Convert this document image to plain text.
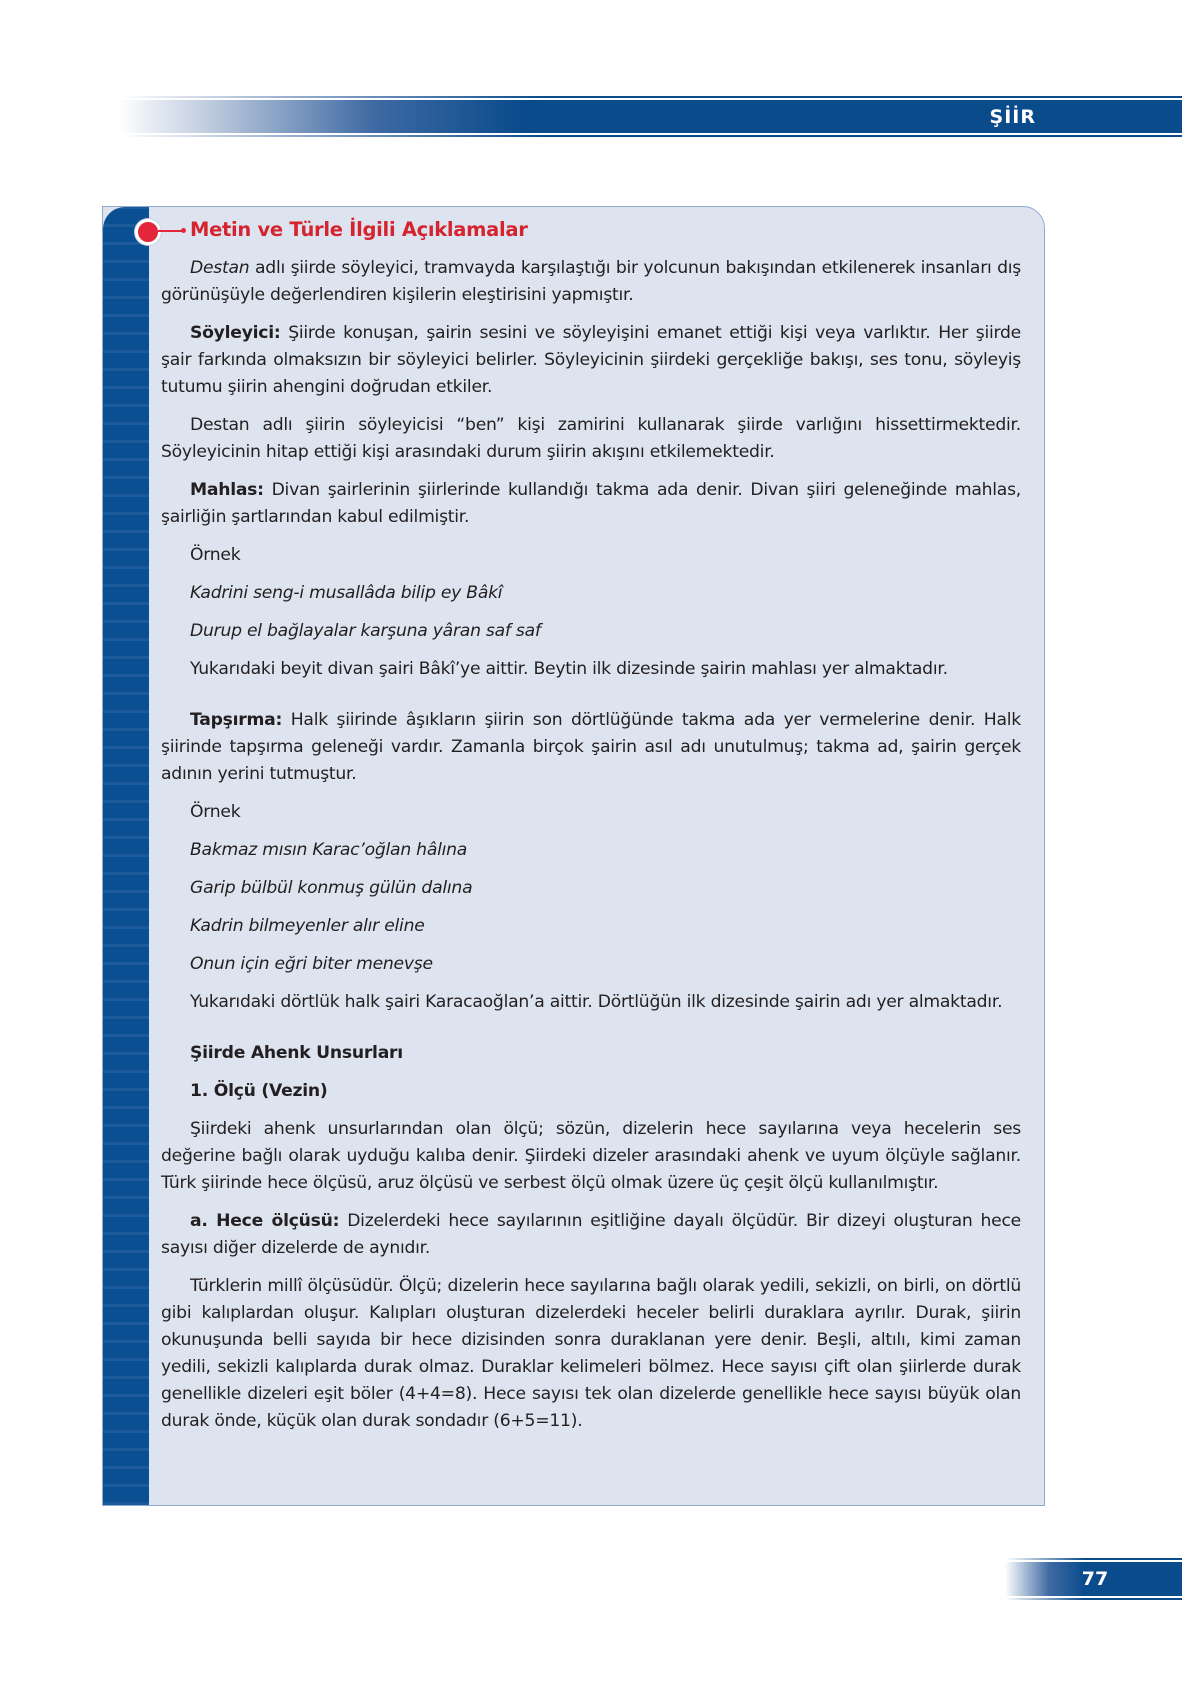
ŞİİR
Metin ve Türle İlgili Açıklamalar

Destan adlı şiirde söyleyici, tramvayda karşılaştığı bir yolcunun bakışından etkilenerek insanları dış görünüşüyle değerlendiren kişilerin eleştirisini yapmıştır.

Söyleyici: Şiirde konuşan, şairin sesini ve söyleyişini emanet ettiği kişi veya varlıktır. Her şiirde şair farkında olmaksızın bir söyleyici belirler. Söyleyicinin şiirdeki gerçekliğe bakışı, ses tonu, söyleyiş tutumu şiirin ahengini doğrudan etkiler.

Destan adlı şiirin söyleyicisi “ben” kişi zamirini kullanarak şiirde varlığını hissettirmektedir. Söyleyicinin hitap ettiği kişi arasındaki durum şiirin akışını etkilemektedir.

Mahlas: Divan şairlerinin şiirlerinde kullandığı takma ada denir. Divan şiiri geleneğinde mahlas, şairliğin şartlarından kabul edilmiştir.

Örnek

Kadrini seng-i musallâda bilip ey Bâkî

Durup el bağlayalar karşuna yâran saf saf

Yukarıdaki beyit divan şairi Bâkî’ye aittir. Beytin ilk dizesinde şairin mahlası yer almaktadır.

Tapşırma: Halk şiirinde âşıkların şiirin son dörtlüğünde takma ada yer vermelerine denir. Halk şiirinde tapşırma geleneği vardır. Zamanla birçok şairin asıl adı unutulmuş; takma ad, şairin gerçek adının yerini tutmuştur.

Örnek

Bakmaz mısın Karac’oğlan hâlına

Garip bülbül konmuş gülün dalına

Kadrin bilmeyenler alır eline

Onun için eğri biter menevşe

Yukarıdaki dörtlük halk şairi Karacaoğlan’a aittir. Dörtlüğün ilk dizesinde şairin adı yer almaktadır.

Şiirde Ahenk Unsurları

1. Ölçü (Vezin)

Şiirdeki ahenk unsurlarından olan ölçü; sözün, dizelerin hece sayılarına veya hecelerin ses değerine bağlı olarak uyduğu kalıba denir. Şiirdeki dizeler arasındaki ahenk ve uyum ölçüyle sağlanır. Türk şiirinde hece ölçüsü, aruz ölçüsü ve serbest ölçü olmak üzere üç çeşit ölçü kullanılmıştır.

a. Hece ölçüsü: Dizelerdeki hece sayılarının eşitliğine dayalı ölçüdür. Bir dizeyi oluşturan hece sayısı diğer dizelerde de aynıdır.

Türklerin millî ölçüsüdür. Ölçü; dizelerin hece sayılarına bağlı olarak yedili, sekizli, on birli, on dörtlü gibi kalıplardan oluşur. Kalıpları oluşturan dizelerdeki heceler belirli duraklara ayrılır. Durak, şiirin okunuşunda belli sayıda bir hece dizisinden sonra duraklanan yere denir. Beşli, altılı, kimi zaman yedili, sekizli kalıplarda durak olmaz. Duraklar kelimeleri bölmez. Hece sayısı çift olan şiirlerde durak genellikle dizeleri eşit böler (4+4=8). Hece sayısı tek olan dizelerde genellikle hece sayısı büyük olan durak önde, küçük olan durak sondadır (6+5=11).

77
